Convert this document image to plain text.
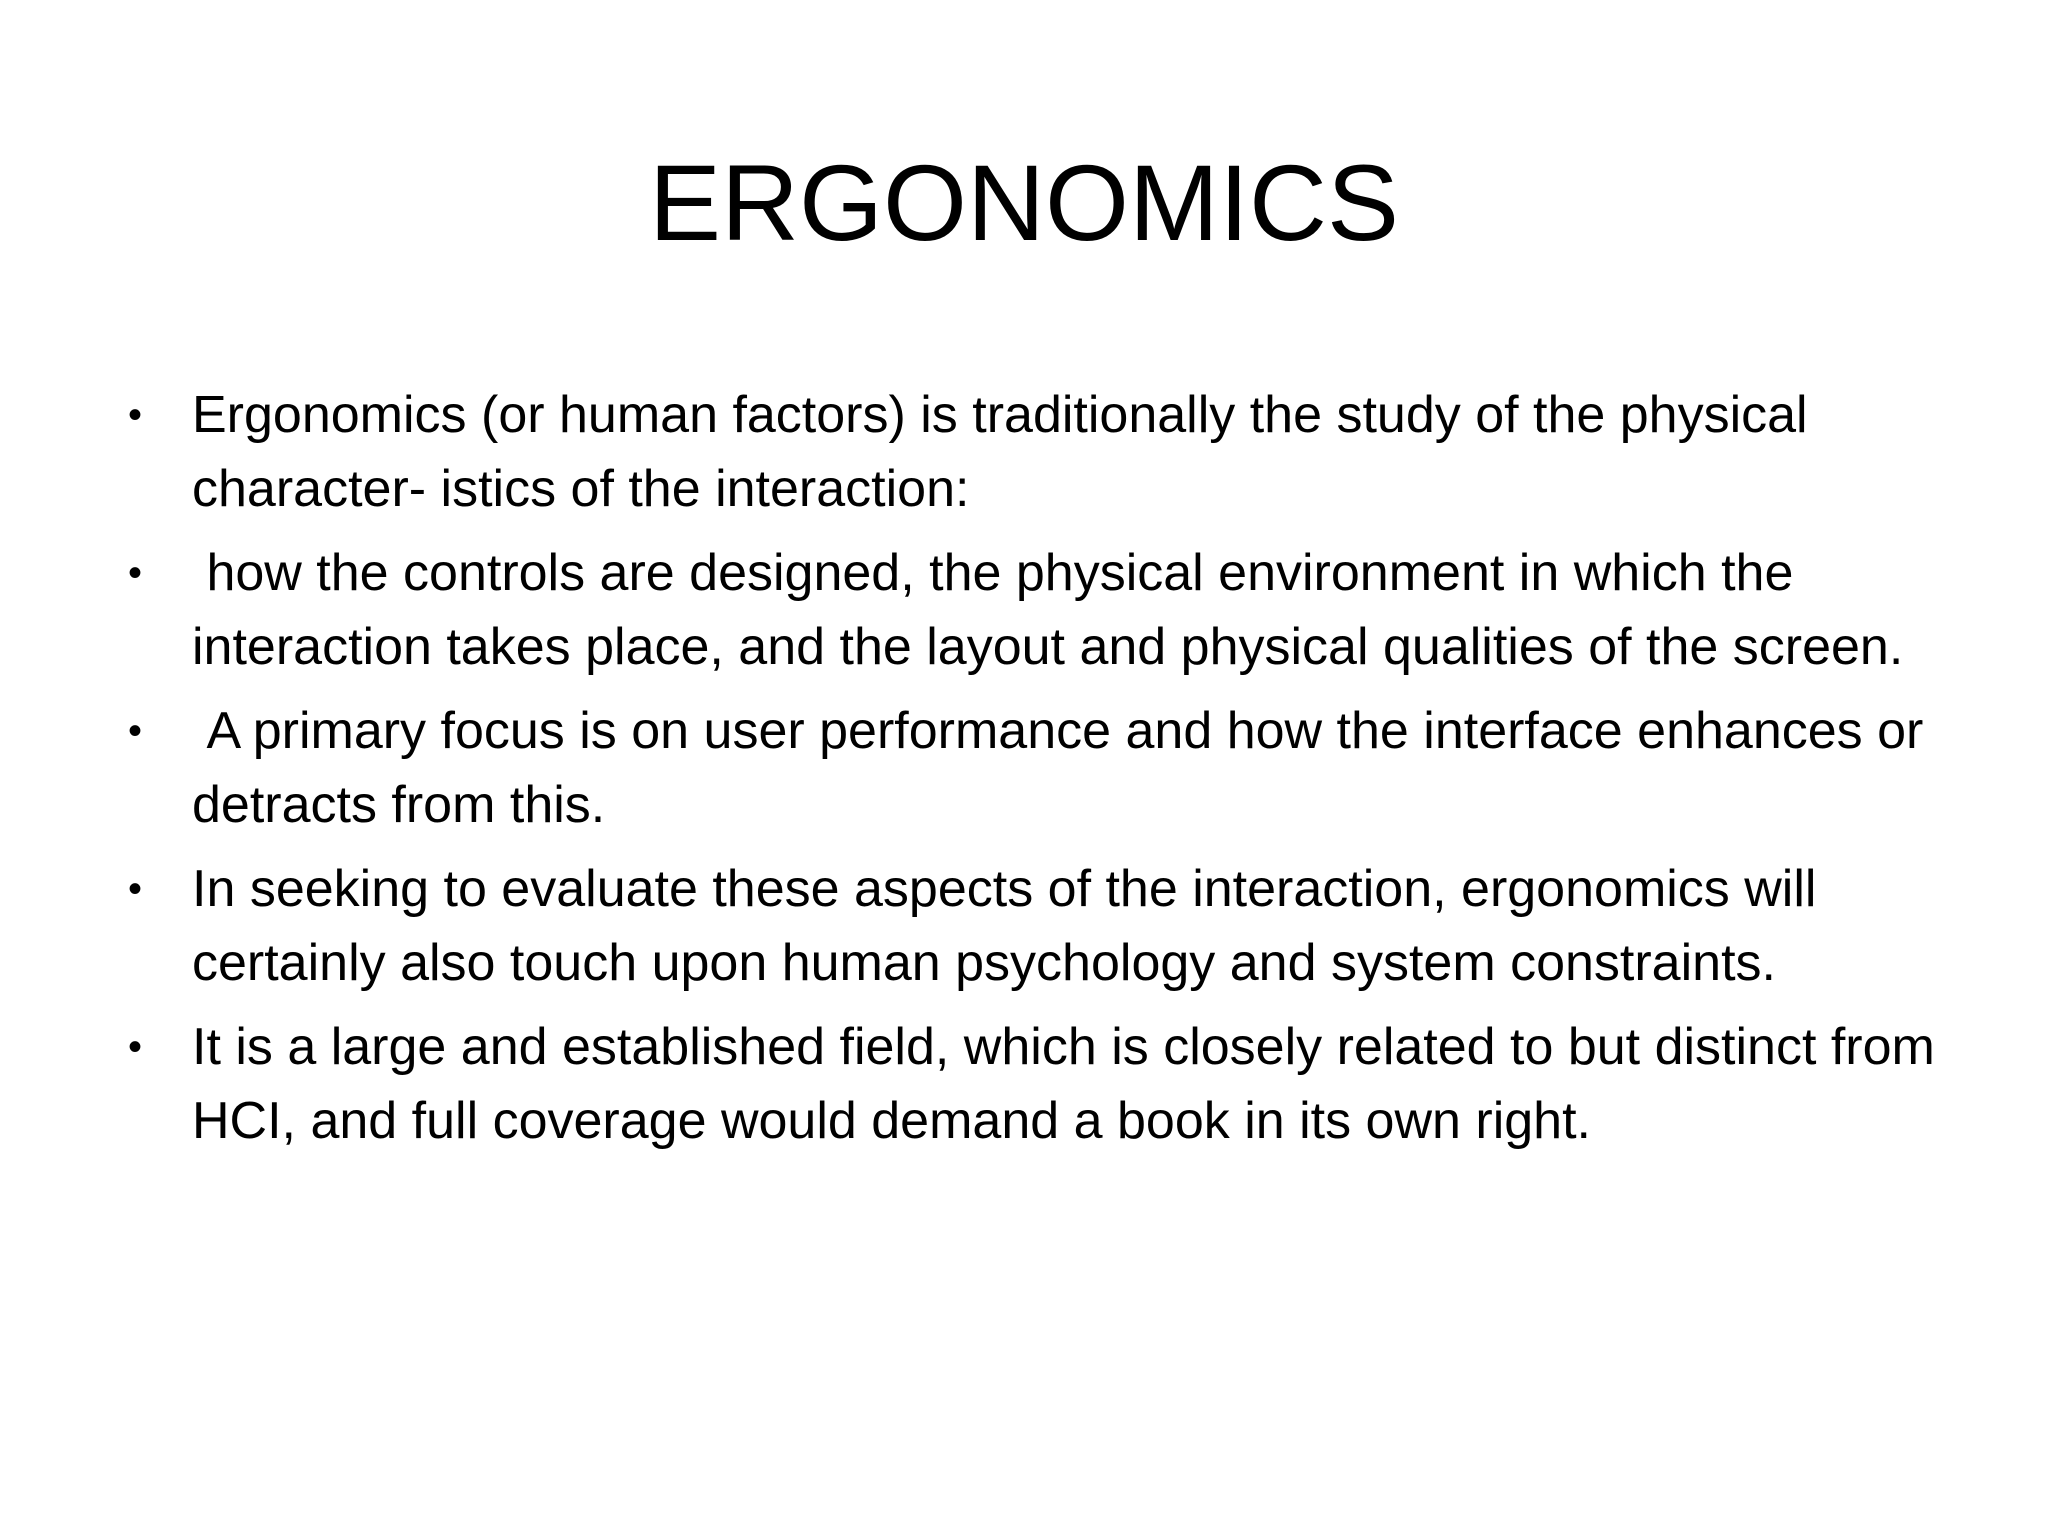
ERGONOMICS
• Ergonomics (or human factors) is traditionally the study of the physical character- istics of the interaction:
• how the controls are designed, the physical environment in which the interaction takes place, and the layout and physical qualities of the screen.
• A primary focus is on user performance and how the interface enhances or detracts from this.
• In seeking to evaluate these aspects of the interaction, ergonomics will certainly also touch upon human psychology and system constraints.
• It is a large and established field, which is closely related to but distinct from HCI, and full coverage would demand a book in its own right.
